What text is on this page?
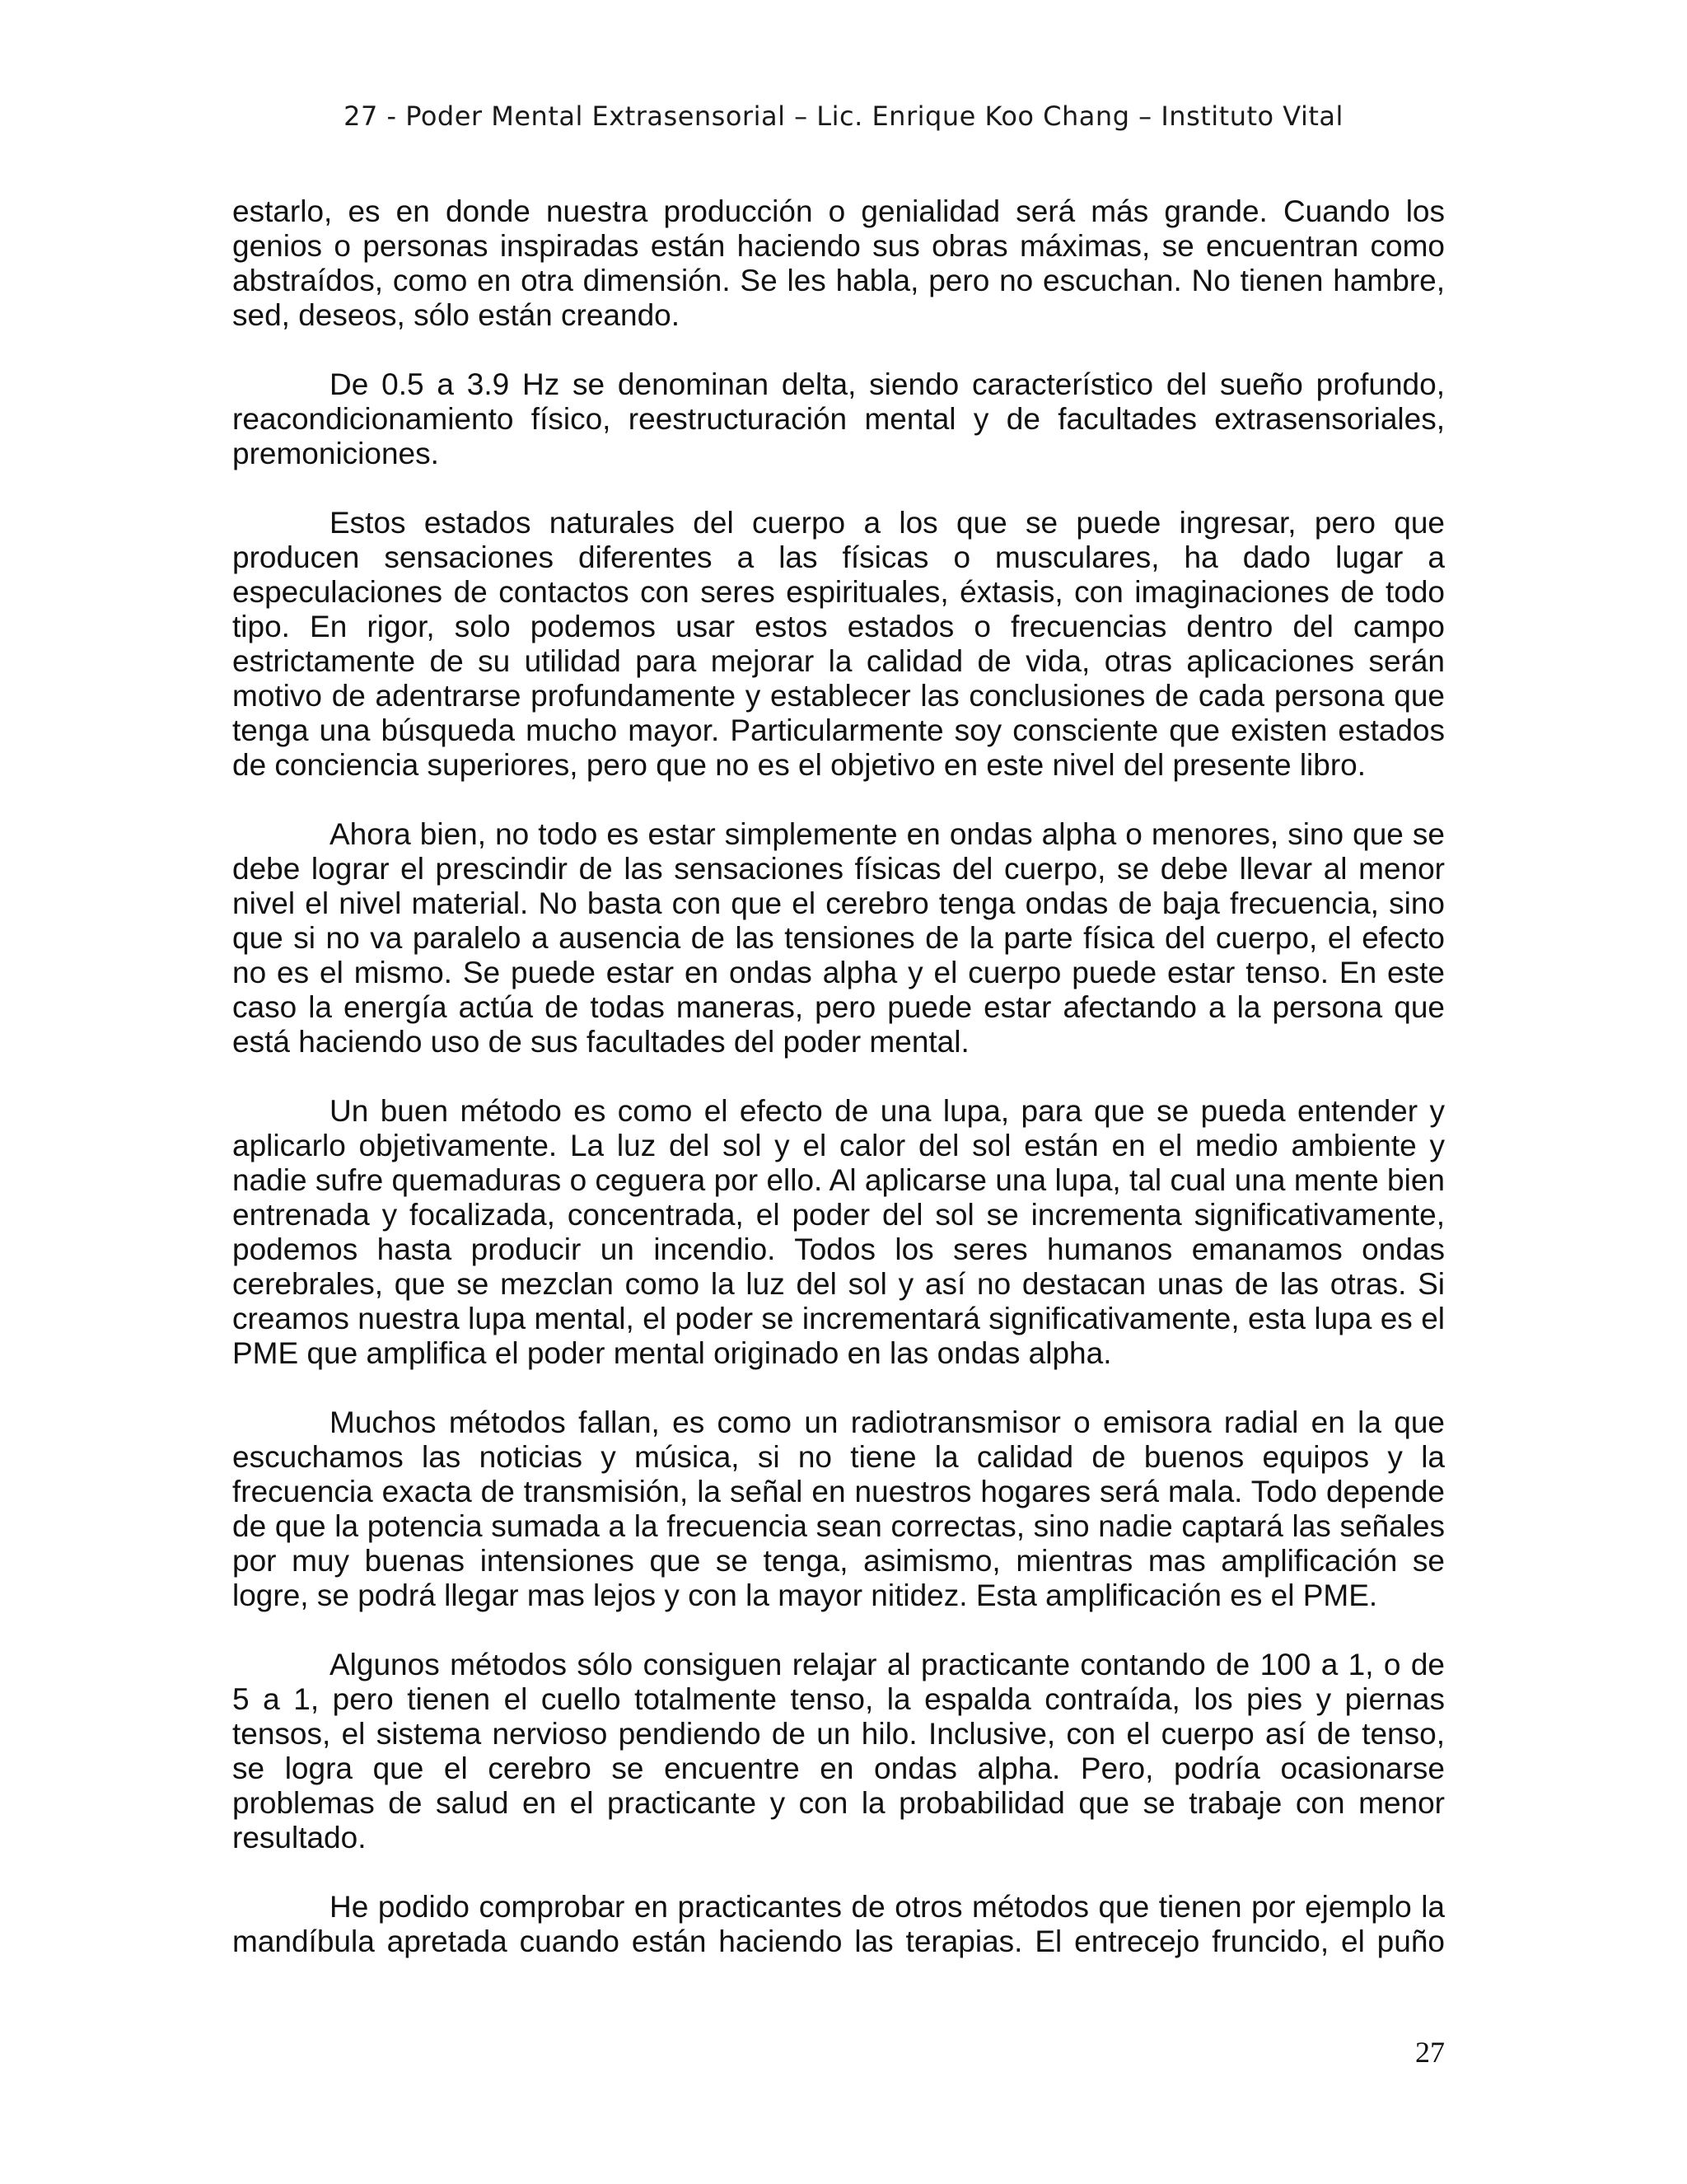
27 - Poder Mental Extrasensorial – Lic. Enrique Koo Chang – Instituto Vital

estarlo, es en donde nuestra producción o genialidad será más grande. Cuando los genios o personas inspiradas están haciendo sus obras máximas, se encuentran como abstraídos, como en otra dimensión. Se les habla, pero no escuchan. No tienen hambre, sed, deseos, sólo están creando.

De 0.5 a 3.9 Hz se denominan delta, siendo característico del sueño profundo, reacondicionamiento físico, reestructuración mental y de facultades extrasensoriales, premoniciones.

Estos estados naturales del cuerpo a los que se puede ingresar, pero que producen sensaciones diferentes a las físicas o musculares, ha dado lugar a especulaciones de contactos con seres espirituales, éxtasis, con imaginaciones de todo tipo. En rigor, solo podemos usar estos estados o frecuencias dentro del campo estrictamente de su utilidad para mejorar la calidad de vida, otras aplicaciones serán motivo de adentrarse profundamente y establecer las conclusiones de cada persona que tenga una búsqueda mucho mayor. Particularmente soy consciente que existen estados de conciencia superiores, pero que no es el objetivo en este nivel del presente libro.

Ahora bien, no todo es estar simplemente en ondas alpha o menores, sino que se debe lograr el prescindir de las sensaciones físicas del cuerpo, se debe llevar al menor nivel el nivel material. No basta con que el cerebro tenga ondas de baja frecuencia, sino que si no va paralelo a ausencia de las tensiones de la parte física del cuerpo, el efecto no es el mismo. Se puede estar en ondas alpha y el cuerpo puede estar tenso. En este caso la energía actúa de todas maneras, pero puede estar afectando a la persona que está haciendo uso de sus facultades del poder mental.

Un buen método es como el efecto de una lupa, para que se pueda entender y aplicarlo objetivamente. La luz del sol y el calor del sol están en el medio ambiente y nadie sufre quemaduras o ceguera por ello. Al aplicarse una lupa, tal cual una mente bien entrenada y focalizada, concentrada, el poder del sol se incrementa significativamente, podemos hasta producir un incendio. Todos los seres humanos emanamos ondas cerebrales, que se mezclan como la luz del sol y así no destacan unas de las otras. Si creamos nuestra lupa mental, el poder se incrementará significativamente, esta lupa es el PME que amplifica el poder mental originado en las ondas alpha.

Muchos métodos fallan, es como un radiotransmisor o emisora radial en la que escuchamos las noticias y música, si no tiene la calidad de buenos equipos y la frecuencia exacta de transmisión, la señal en nuestros hogares será mala. Todo depende de que la potencia sumada a la frecuencia sean correctas, sino nadie captará las señales por muy buenas intensiones que se tenga, asimismo, mientras mas amplificación se logre, se podrá llegar mas lejos y con la mayor nitidez. Esta amplificación es el PME.

Algunos métodos sólo consiguen relajar al practicante contando de 100 a 1, o de 5 a 1, pero tienen el cuello totalmente tenso, la espalda contraída, los pies y piernas tensos, el sistema nervioso pendiendo de un hilo. Inclusive, con el cuerpo así de tenso, se logra que el cerebro se encuentre en ondas alpha. Pero, podría ocasionarse problemas de salud en el practicante y con la probabilidad que se trabaje con menor resultado.

He podido comprobar en practicantes de otros métodos que tienen por ejemplo la mandíbula apretada cuando están haciendo las terapias. El entrecejo fruncido, el puño

27
